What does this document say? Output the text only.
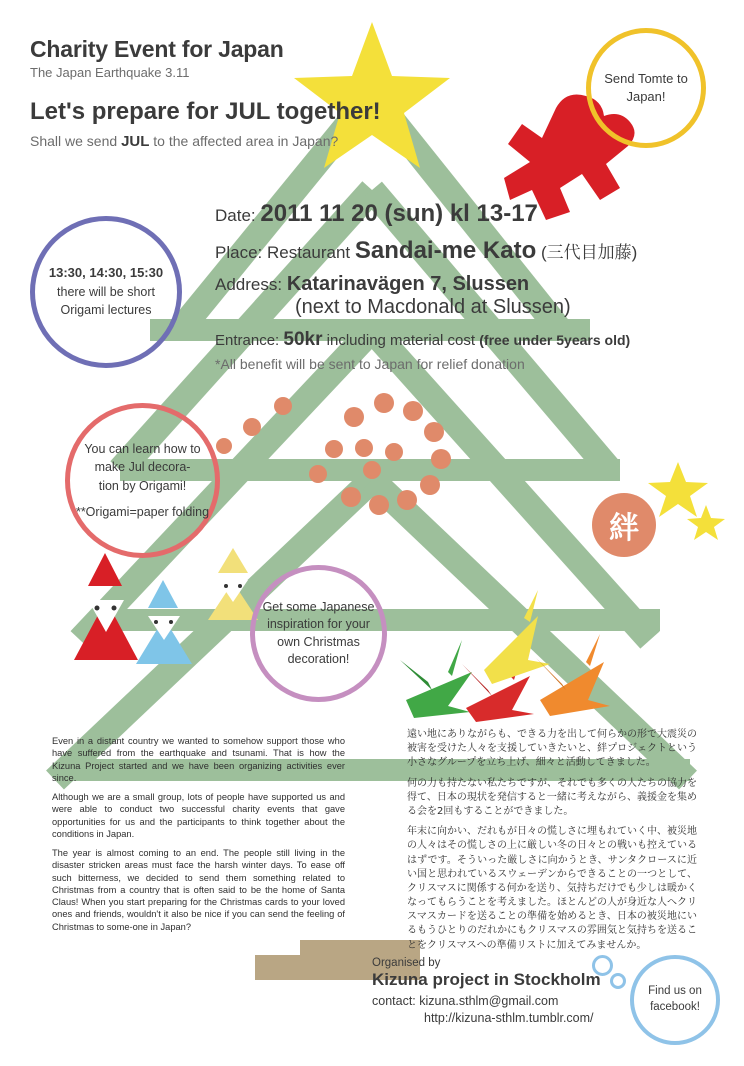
Charity Event for Japan

The Japan Earthquake 3.11

Let's prepare for JUL together!

Shall we send JUL to the affected area in Japan?

Send Tomte to Japan!
13:30, 14:30, 15:30
there will be short Origami lectures
You can learn how to make Jul decora-
tion by Origami!
**Origami=paper folding
Get some Japanese inspiration for your own Christmas decoration!
絆
Date: 2011 11 20 (sun) kl 13-17
Place: Restaurant Sandai-me Kato (三代目加藤)
Address: Katarinavägen 7, Slussen
(next to Macdonald at Slussen)
Entrance: 50kr including material cost (free under 5years old)
*All benefit will be sent to Japan for relief donation

Even in a distant country we wanted to somehow support those who have suffered from the earthquake and tsunami. That is how the Kizuna Project started and we have been organizing activities ever since.

Although we are a small group, lots of people have supported us and were able to conduct two successful charity events that gave opportunities for us and the participants to think together about the conditions in Japan.

The year is almost coming to an end. The people still living in the disaster stricken areas must face the harsh winter days. To ease off such bitterness, we decided to send them something related to Christmas from a country that is often said to be the home of Santa Claus! When you start preparing for the Christmas cards to your loved ones and friends, wouldn't it also be nice if you can send the feeling of Christmas to some-one in Japan?

遠い地にありながらも、できる力を出して何らかの形で大震災の被害を受けた人々を支援していきたいと、絆プロジェクトという小さなグループを立ち上げ、細々と活動してきました。

何の力も持たない私たちですが、それでも多くの人たちの協力を得て、日本の現状を発信すると一緒に考えながら、義援金を集める会を2回もすることができました。

年末に向かい、だれもが日々の慌しさに埋もれていく中、被災地の人々はその慌しさの上に厳しい冬の日々との戦いも控えているはずです。そういった厳しさに向かうとき、サンタクロースに近い国と思われているスウェーデンからできることの一つとして、クリスマスに関係する何かを送り、気持ちだけでも少しは暖かくなってもらうことを考えました。ほとんどの人が身近な人へクリスマスカードを送ることの準備を始めるとき、日本の被災地にいるもうひとりのだれかにもクリスマスの雰囲気と気持ちを送ることをクリスマスへの準備リストに加えてみませんか。

Organised by
Kizuna project in Stockholm
contact: kizuna.sthlm@gmail.com
http://kizuna-sthlm.tumblr.com/
Find us on facebook!
